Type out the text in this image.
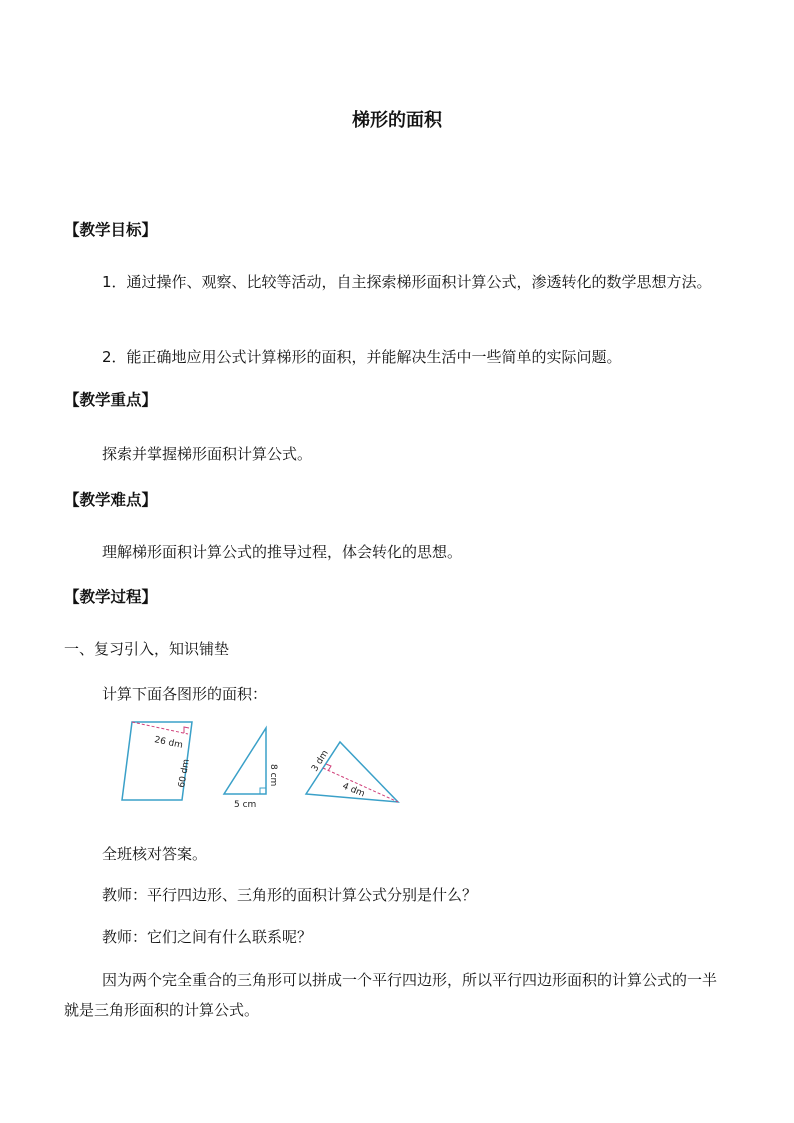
梯形的面积
【教学目标】
1．通过操作、观察、比较等活动，自主探索梯形面积计算公式，渗透转化的数学思想方法。
2．能正确地应用公式计算梯形的面积，并能解决生活中一些简单的实际问题。
【教学重点】
探索并掌握梯形面积计算公式。
【教学难点】
理解梯形面积计算公式的推导过程，体会转化的思想。
【教学过程】
一、复习引入，知识铺垫
计算下面各图形的面积：
26 dm
60 dm	8 cm
5 cm
3 dm
4 dm
全班核对答案。
教师：平行四边形、三角形的面积计算公式分别是什么？
教师：它们之间有什么联系呢？
因为两个完全重合的三角形可以拼成一个平行四边形，所以平行四边形面积的计算公式的一半就是三角形面积的计算公式。
